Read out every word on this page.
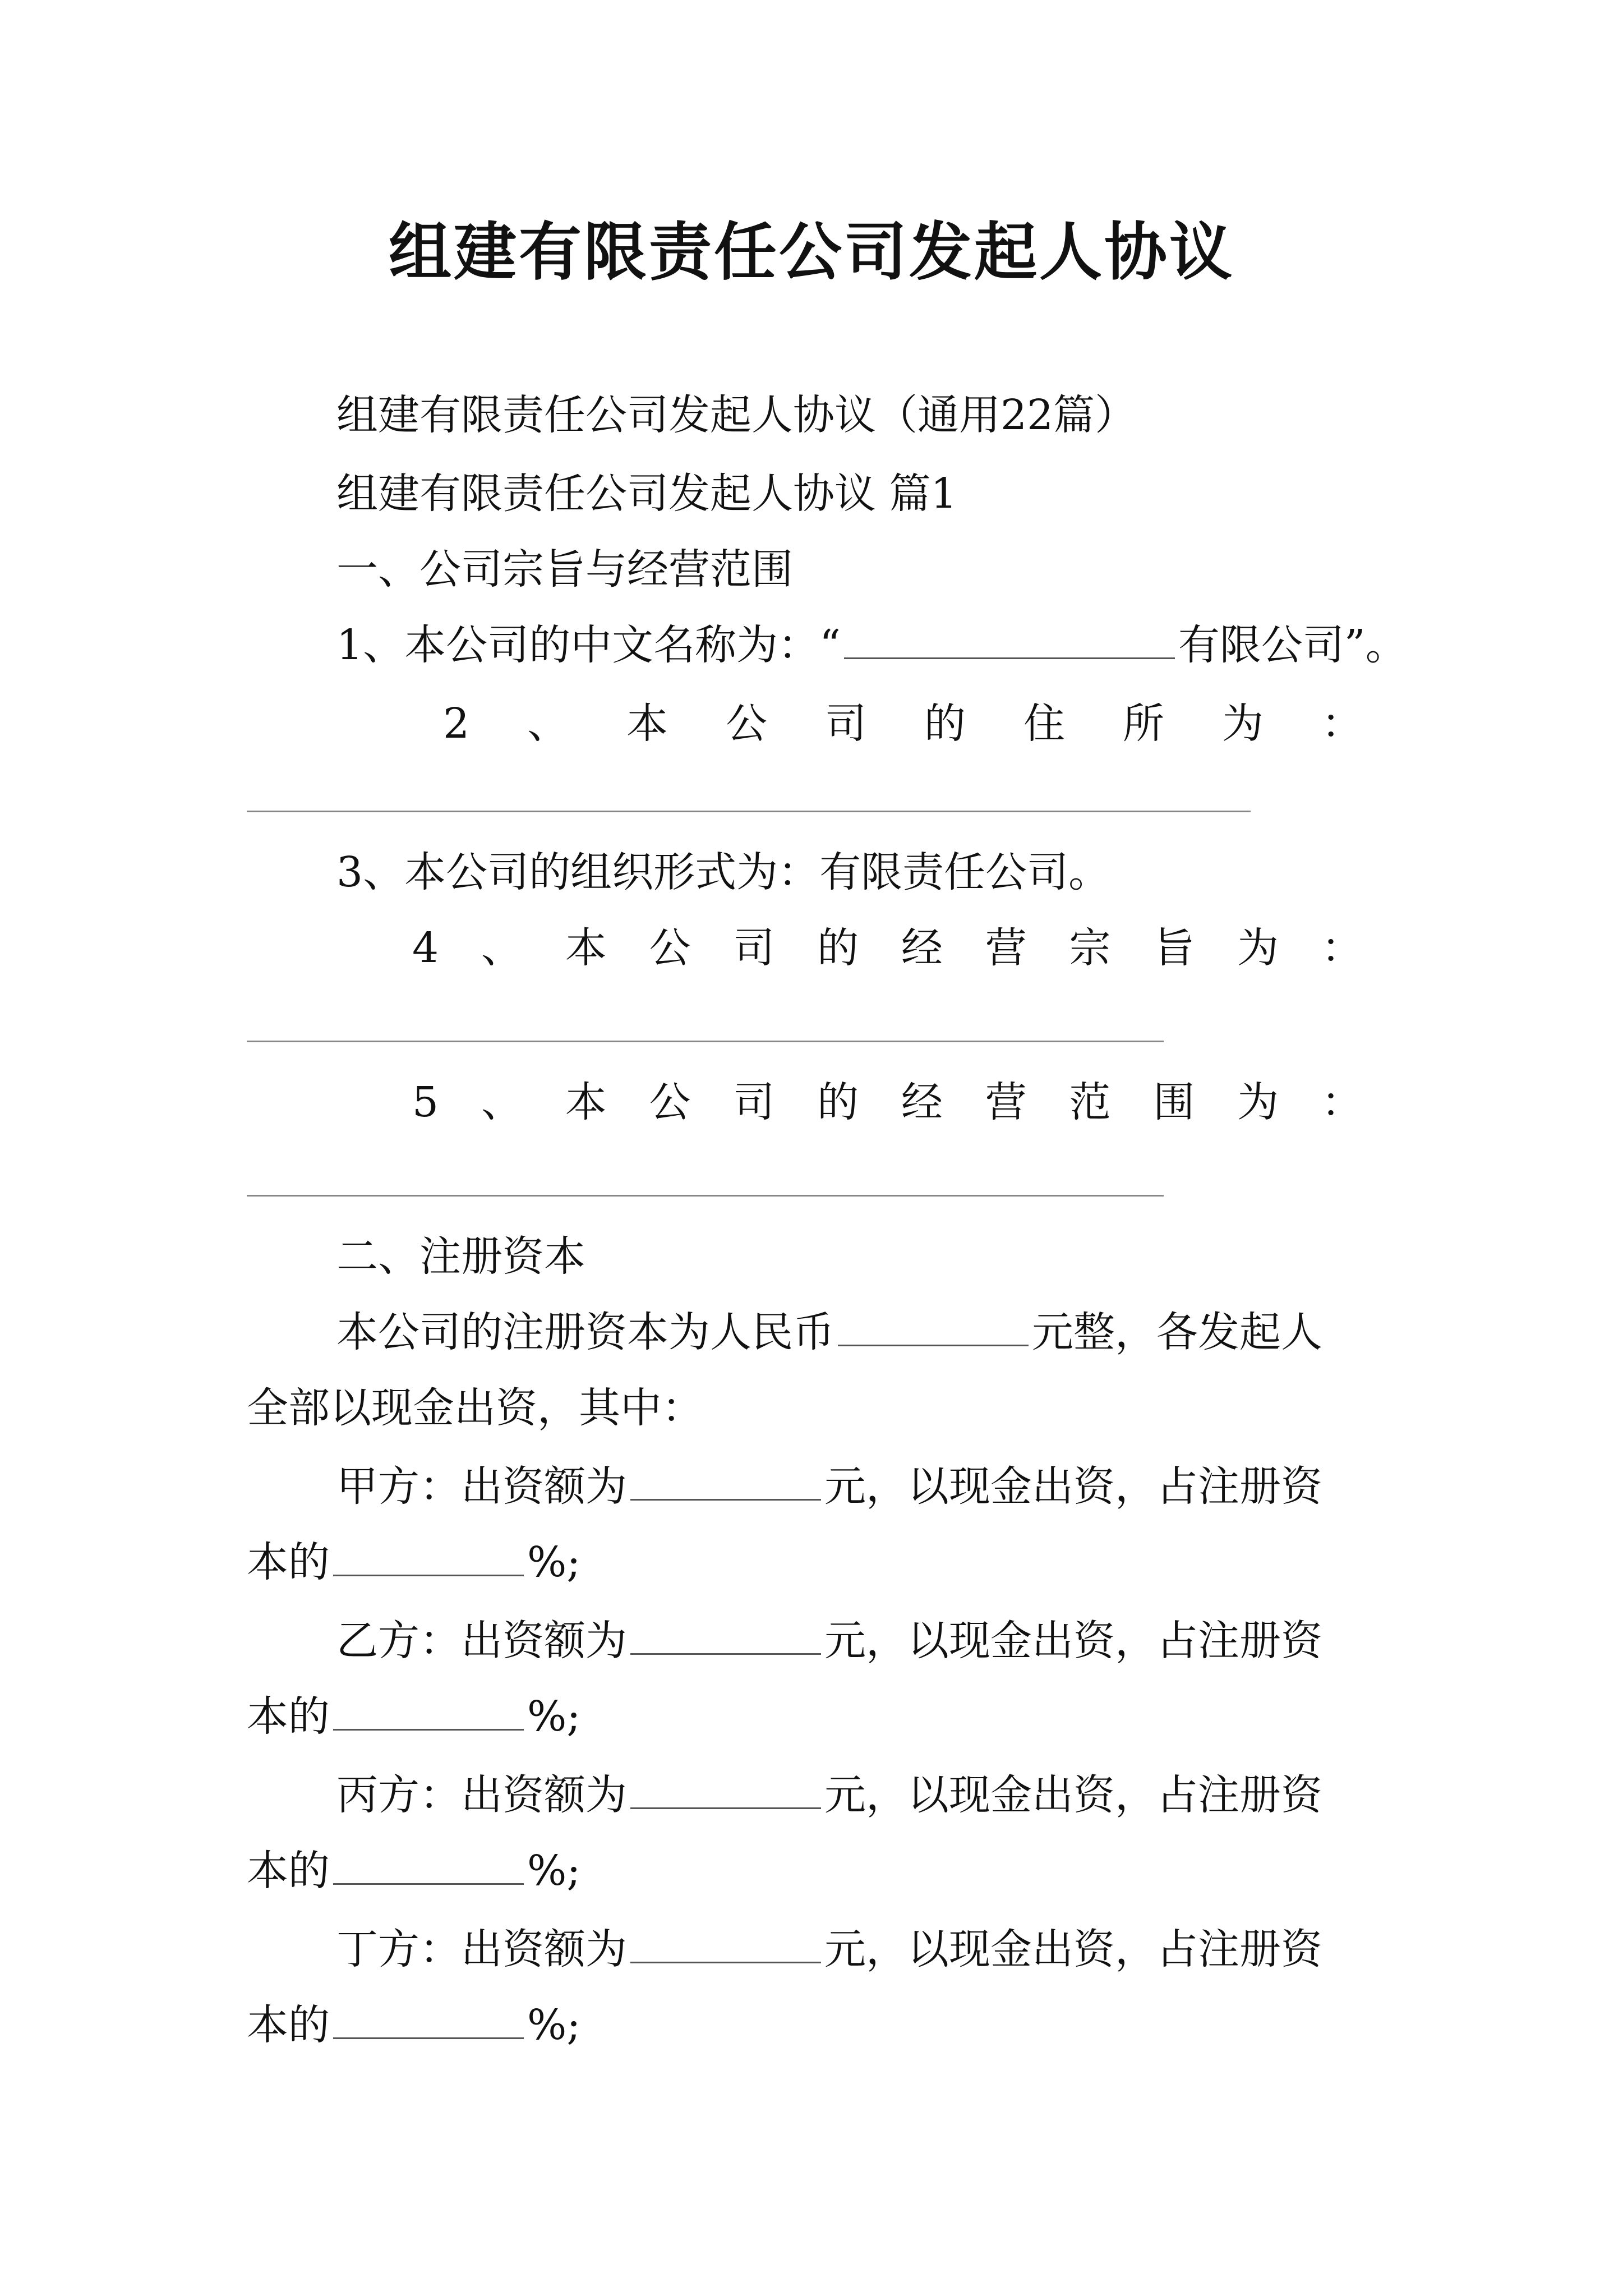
组建有限责任公司发起人协议
组建有限责任公司发起人协议（通用22篇）
组建有限责任公司发起人协议 篇1
一、公司宗旨与经营范围
1、本公司的中文名称为：“	有限公司”。
2 、 本 公 司 的 住 所 为 ：
3、本公司的组织形式为：有限责任公司。
4 、 本 公 司 的 经 营 宗 旨 为 ：
5 、 本 公 司 的 经 营 范 围 为 ：
二、注册资本
本公司的注册资本为人民币	元整，各发起人
全部以现金出资，其中：
甲方：出资额为	元，以现金出资，占注册资
本的	%;
乙方：出资额为	元，以现金出资，占注册资
本的	%;
丙方：出资额为	元，以现金出资，占注册资
本的	%;
丁方：出资额为	元，以现金出资，占注册资
本的	%;
